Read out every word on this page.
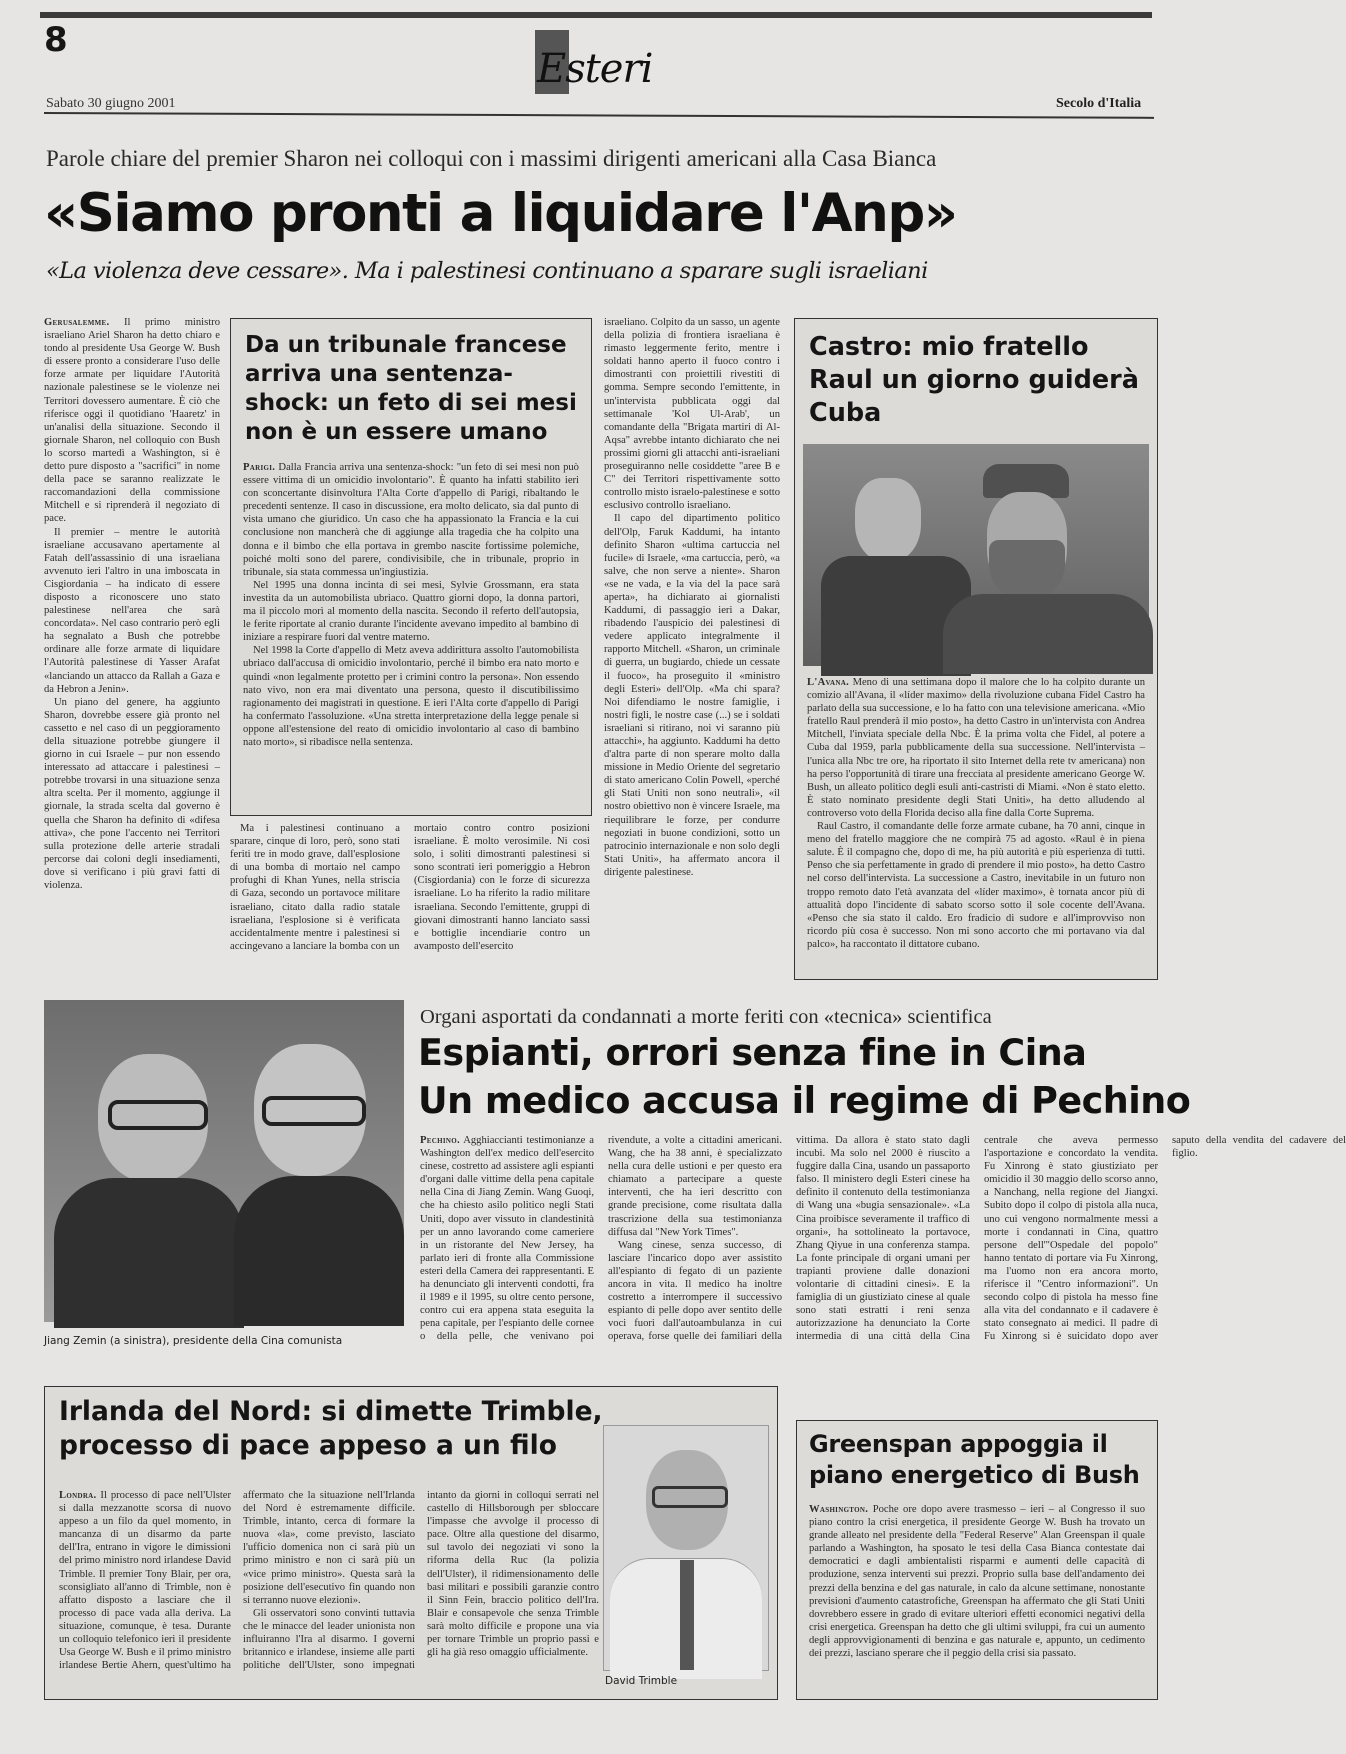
8
Esteri
Sabato 30 giugno 2001	Secolo d'Italia
Parole chiare del premier Sharon nei colloqui con i massimi dirigenti americani alla Casa Bianca
«Siamo pronti a liquidare l'Anp»
«La violenza deve cessare». Ma i palestinesi continuano a sparare sugli israeliani

Gerusalemme. Il primo ministro israeliano Ariel Sharon ha detto chiaro e tondo al presidente Usa George W. Bush di essere pronto a considerare l'uso delle forze armate per liquidare l'Autorità nazionale palestinese se le violenze nei Territori dovessero aumentare. È ciò che riferisce oggi il quotidiano 'Haaretz' in un'analisi della situazione. Secondo il giornale Sharon, nel colloquio con Bush lo scorso martedì a Washington, si è detto pure disposto a "sacrifici" in nome della pace se saranno realizzate le raccomandazioni della commissione Mitchell e si riprenderà il negoziato di pace.

Il premier – mentre le autorità israeliane accusavano apertamente al Fatah dell'assassinio di una israeliana avvenuto ieri l'altro in una imboscata in Cisgiordania – ha indicato di essere disposto a riconoscere uno stato palestinese nell'area che sarà concordata». Nel caso contrario però egli ha segnalato a Bush che potrebbe ordinare alle forze armate di liquidare l'Autorità palestinese di Yasser Arafat «lanciando un attacco da Rallah a Gaza e da Hebron a Jenin».

Un piano del genere, ha aggiunto Sharon, dovrebbe essere già pronto nel cassetto e nel caso di un peggioramento della situazione potrebbe giungere il giorno in cui Israele – pur non essendo interessato ad attaccare i palestinesi – potrebbe trovarsi in una situazione senza altra scelta. Per il momento, aggiunge il giornale, la strada scelta dal governo è quella che Sharon ha definito di «difesa attiva», che pone l'accento nei Territori sulla protezione delle arterie stradali percorse dai coloni degli insediamenti, dove si verificano i più gravi fatti di violenza.

Da un tribunale francese arriva una sentenza-shock: un feto di sei mesi non è un essere umano

Parigi. Dalla Francia arriva una sentenza-shock: "un feto di sei mesi non può essere vittima di un omicidio involontario". È quanto ha infatti stabilito ieri con sconcertante disinvoltura l'Alta Corte d'appello di Parigi, ribaltando le precedenti sentenze. Il caso in discussione, era molto delicato, sia dal punto di vista umano che giuridico. Un caso che ha appassionato la Francia e la cui conclusione non mancherà che di aggiunge alla tragedia che ha colpito una donna e il bimbo che ella portava in grembo nascite fortissime polemiche, poiché molti sono del parere, condivisibile, che in tribunale, proprio in tribunale, sia stata commessa un'ingiustizia.

Nel 1995 una donna incinta di sei mesi, Sylvie Grossmann, era stata investita da un automobilista ubriaco. Quattro giorni dopo, la donna partorì, ma il piccolo morì al momento della nascita. Secondo il referto dell'autopsia, le ferite riportate al cranio durante l'incidente avevano impedito al bambino di iniziare a respirare fuori dal ventre materno.

Nel 1998 la Corte d'appello di Metz aveva addirittura assolto l'automobilista ubriaco dall'accusa di omicidio involontario, perché il bimbo era nato morto e quindi «non legalmente protetto per i crimini contro la persona». Non essendo nato vivo, non era mai diventato una persona, questo il discutibilissimo ragionamento dei magistrati in questione. E ieri l'Alta corte d'appello di Parigi ha confermato l'assoluzione. «Una stretta interpretazione della legge penale si oppone all'estensione del reato di omicidio involontario al caso di bambino nato morto», si ribadisce nella sentenza.

Ma i palestinesi continuano a sparare, cinque di loro, però, sono stati feriti tre in modo grave, dall'esplosione di una bomba di mortaio nel campo profughi di Khan Yunes, nella striscia di Gaza, secondo un portavoce militare israeliano, citato dalla radio statale israeliana, l'esplosione si è verificata accidentalmente mentre i palestinesi si accingevano a lanciare la bomba con un

mortaio contro contro posizioni israeliane. È molto verosimile. Ni così solo, i soliti dimostranti palestinesi si sono scontrati ieri pomeriggio a Hebron (Cisgiordania) con le forze di sicurezza israeliane. Lo ha riferito la radio militare israeliana. Secondo l'emittente, gruppi di giovani dimostranti hanno lanciato sassi e bottiglie incendiarie contro un avamposto dell'esercito

israeliano. Colpito da un sasso, un agente della polizia di frontiera israeliana è rimasto leggermente ferito, mentre i soldati hanno aperto il fuoco contro i dimostranti con proiettili rivestiti di gomma. Sempre secondo l'emittente, in un'intervista pubblicata oggi dal settimanale 'Kol Ul-Arab', un comandante della "Brigata martiri di Al-Aqsa" avrebbe intanto dichiarato che nei prossimi giorni gli attacchi anti-israeliani proseguiranno nelle cosiddette "aree B e C" dei Territori rispettivamente sotto controllo misto israelo-palestinese e sotto esclusivo controllo israeliano.

Il capo del dipartimento politico dell'Olp, Faruk Kaddumi, ha intanto definito Sharon «ultima cartuccia nel fucile» di Israele, «ma cartuccia, però, «a salve, che non serve a niente». Sharon «se ne vada, e la via del la pace sarà aperta», ha dichiarato ai giornalisti Kaddumi, di passaggio ieri a Dakar, ribadendo l'auspicio dei palestinesi di vedere applicato integralmente il rapporto Mitchell. «Sharon, un criminale di guerra, un bugiardo, chiede un cessate il fuoco», ha proseguito il «ministro degli Esteri» dell'Olp. «Ma chi spara? Noi difendiamo le nostre famiglie, i nostri figli, le nostre case (...) se i soldati israeliani si ritirano, noi vi saranno più attacchi», ha aggiunto. Kaddumi ha detto d'altra parte di non sperare molto dalla missione in Medio Oriente del segretario di stato americano Colin Powell, «perché gli Stati Uniti non sono neutrali», «il nostro obiettivo non è vincere Israele, ma riequilibrare le forze, per condurre negoziati in buone condizioni, sotto un patrocinio internazionale e non solo degli Stati Uniti», ha affermato ancora il dirigente palestinese.

Castro: mio fratello Raul un giorno guiderà Cuba

L'Avana. Meno di una settimana dopo il malore che lo ha colpito durante un comizio all'Avana, il «líder maximo» della rivoluzione cubana Fidel Castro ha parlato della sua successione, e lo ha fatto con una televisione americana. «Mio fratello Raul prenderà il mio posto», ha detto Castro in un'intervista con Andrea Mitchell, l'inviata speciale della Nbc. È la prima volta che Fidel, al potere a Cuba dal 1959, parla pubblicamente della sua successione. Nell'intervista – l'unica alla Nbc tre ore, ha riportato il sito Internet della rete tv americana) non ha perso l'opportunità di tirare una frecciata al presidente americano George W. Bush, un alleato politico degli esuli anti-castristi di Miami. «Non è stato eletto. È stato nominato presidente degli Stati Uniti», ha detto alludendo al controverso voto della Florida deciso alla fine dalla Corte Suprema.

Raul Castro, il comandante delle forze armate cubane, ha 70 anni, cinque in meno del fratello maggiore che ne compirà 75 ad agosto. «Raul è in piena salute. È il compagno che, dopo di me, ha più autorità e più esperienza di tutti. Penso che sia perfettamente in grado di prendere il mio posto», ha detto Castro nel corso dell'intervista. La successione a Castro, inevitabile in un futuro non troppo remoto dato l'età avanzata del «líder maximo», è tornata ancor più di attualità dopo l'incidente di sabato scorso sotto il sole cocente dell'Avana. «Penso che sia stato il caldo. Ero fradicio di sudore e all'improvviso non ricordo più cosa è successo. Non mi sono accorto che mi portavano via dal palco», ha raccontato il dittatore cubano.

Jiang Zemin (a sinistra), presidente della Cina comunista
Organi asportati da condannati a morte feriti con «tecnica» scientifica
Espianti, orrori senza fine in Cina
Un medico accusa il regime di Pechino

Pechino. Agghiaccianti testimonianze a Washington dell'ex medico dell'esercito cinese, costretto ad assistere agli espianti d'organi dalle vittime della pena capitale nella Cina di Jiang Zemin. Wang Guoqi, che ha chiesto asilo politico negli Stati Uniti, dopo aver vissuto in clandestinità per un anno lavorando come cameriere in un ristorante del New Jersey, ha parlato ieri di fronte alla Commissione esteri della Camera dei rappresentanti. E ha denunciato gli interventi condotti, fra il 1989 e il 1995, su oltre cento persone, contro cui era appena stata eseguita la pena capitale, per l'espianto delle cornee o della pelle, che venivano poi rivendute, a volte a cittadini americani. Wang, che ha 38 anni, è specializzato nella cura delle ustioni e per questo era chiamato a partecipare a queste interventi, che ha ieri descritto con grande precisione, come risultata dalla trascrizione della sua testimonianza diffusa dal "New York Times".

Wang cinese, senza successo, di lasciare l'incarico dopo aver assistito all'espianto di fegato di un paziente ancora in vita. Il medico ha inoltre costretto a interrompere il successivo espianto di pelle dopo aver sentito delle voci fuori dall'autoambulanza in cui operava, forse quelle dei familiari della vittima. Da allora è stato stato dagli incubi. Ma solo nel 2000 è riuscito a fuggire dalla Cina, usando un passaporto falso. Il ministero degli Esteri cinese ha definito il contenuto della testimonianza di Wang una «bugia sensazionale». «La Cina proibisce severamente il traffico di organi», ha sottolineato la portavoce, Zhang Qiyue in una conferenza stampa. La fonte principale di organi umani per trapianti proviene dalle donazioni volontarie di cittadini cinesi». E la famiglia di un giustiziato cinese al quale sono stati estratti i reni senza autorizzazione ha denunciato la Corte intermedia di una città della Cina centrale che aveva permesso l'asportazione e concordato la vendita. Fu Xinrong è stato giustiziato per omicidio il 30 maggio dello scorso anno, a Nanchang, nella regione del Jiangxi. Subito dopo il colpo di pistola alla nuca, uno cui vengono normalmente messi a morte i condannati in Cina, quattro persone dell'"Ospedale del popolo" hanno tentato di portare via Fu Xinrong, ma l'uomo non era ancora morto, riferisce il "Centro informazioni". Un secondo colpo di pistola ha messo fine alla vita del condannato e il cadavere è stato consegnato ai medici. Il padre di Fu Xinrong si è suicidato dopo aver saputo della vendita del cadavere del figlio.

Irlanda del Nord: si dimette Trimble, processo di pace appeso a un filo

Londra. Il processo di pace nell'Ulster si dalla mezzanotte scorsa di nuovo appeso a un filo da quel momento, in mancanza di un disarmo da parte dell'Ira, entrano in vigore le dimissioni del primo ministro nord irlandese David Trimble. Il premier Tony Blair, per ora, sconsigliato all'anno di Trimble, non è affatto disposto a lasciare che il processo di pace vada alla deriva. La situazione, comunque, è tesa. Durante un colloquio telefonico ieri il presidente Usa George W. Bush e il primo ministro irlandese Bertie Ahern, quest'ultimo ha affermato che la situazione nell'Irlanda del Nord è estremamente difficile. Trimble, intanto, cerca di formare la nuova «la», come previsto, lasciato l'ufficio domenica non ci sarà più un primo ministro e non ci sarà più un «vice primo ministro». Questa sarà la posizione dell'esecutivo fin quando non si terranno nuove elezioni».

Gli osservatori sono convinti tuttavia che le minacce del leader unionista non influiranno l'Ira al disarmo. I governi britannico e irlandese, insieme alle parti politiche dell'Ulster, sono impegnati intanto da giorni in colloqui serrati nel castello di Hillsborough per sbloccare l'impasse che avvolge il processo di pace. Oltre alla questione del disarmo, sul tavolo dei negoziati vi sono la riforma della Ruc (la polizia dell'Ulster), il ridimensionamento delle basi militari e possibili garanzie contro il Sinn Fein, braccio politico dell'Ira. Blair e consapevole che senza Trimble sarà molto difficile e propone una via per tornare Trimble un proprio passi e gli ha già reso omaggio ufficialmente.

David Trimble
Greenspan appoggia il piano energetico di Bush

Washington. Poche ore dopo avere trasmesso – ieri – al Congresso il suo piano contro la crisi energetica, il presidente George W. Bush ha trovato un grande alleato nel presidente della "Federal Reserve" Alan Greenspan il quale parlando a Washington, ha sposato le tesi della Casa Bianca contestate dai democratici e dagli ambientalisti risparmi e aumenti delle capacità di produzione, senza interventi sui prezzi. Proprio sulla base dell'andamento dei prezzi della benzina e del gas naturale, in calo da alcune settimane, nonostante previsioni d'aumento catastrofiche, Greenspan ha affermato che gli Stati Uniti dovrebbero essere in grado di evitare ulteriori effetti economici negativi della crisi energetica. Greenspan ha detto che gli ultimi sviluppi, fra cui un aumento degli approvvigionamenti di benzina e gas naturale e, appunto, un cedimento dei prezzi, lasciano sperare che il peggio della crisi sia passato.
